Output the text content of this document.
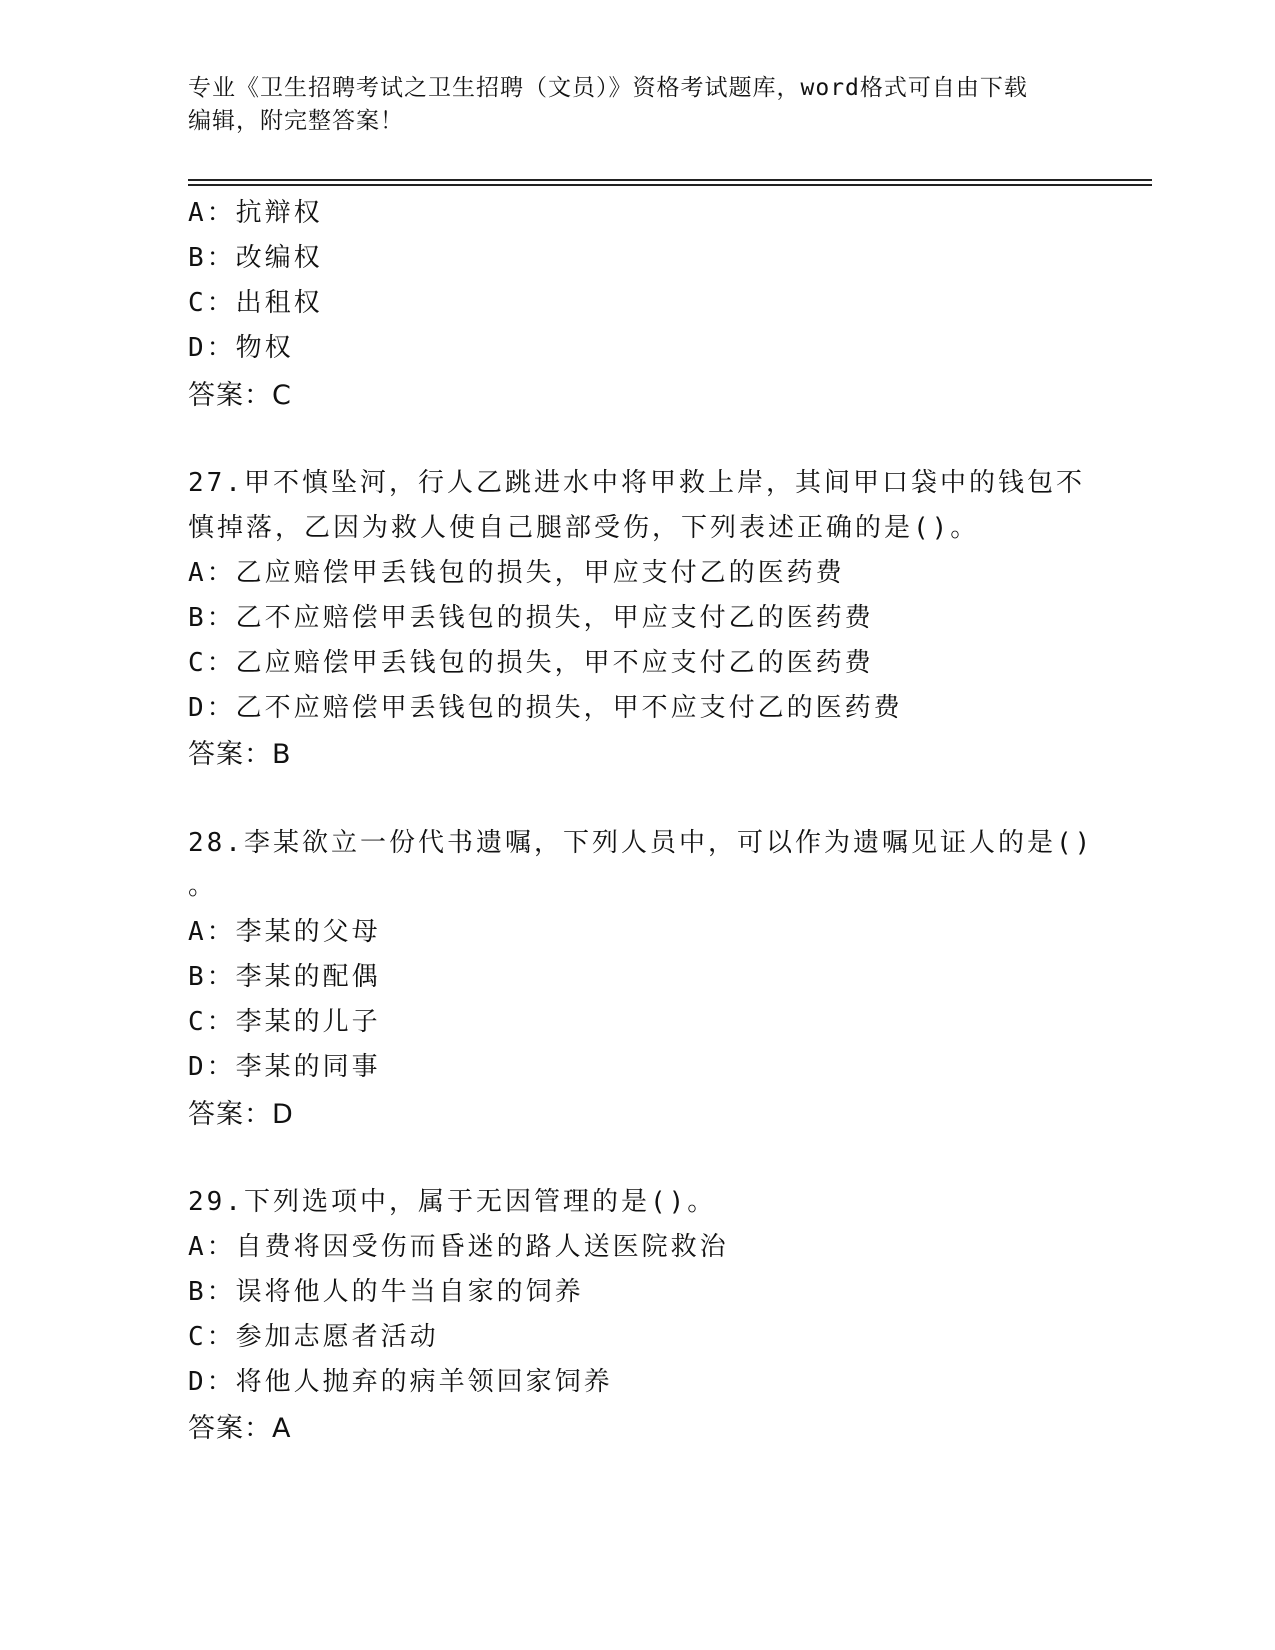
专业《卫生招聘考试之卫生招聘（文员）》资格考试题库，word格式可自由下载
编辑，附完整答案！
A：抗辩权
B：改编权
C：出租权
D：物权
答案：C
27.甲不慎坠河，行人乙跳进水中将甲救上岸，其间甲口袋中的钱包不
慎掉落，乙因为救人使自己腿部受伤，下列表述正确的是()。
A：乙应赔偿甲丢钱包的损失，甲应支付乙的医药费
B：乙不应赔偿甲丢钱包的损失，甲应支付乙的医药费
C：乙应赔偿甲丢钱包的损失，甲不应支付乙的医药费
D：乙不应赔偿甲丢钱包的损失，甲不应支付乙的医药费
答案：B
28.李某欲立一份代书遗嘱，下列人员中，可以作为遗嘱见证人的是()
。
A：李某的父母
B：李某的配偶
C：李某的儿子
D：李某的同事
答案：D
29.下列选项中，属于无因管理的是()。
A：自费将因受伤而昏迷的路人送医院救治
B：误将他人的牛当自家的饲养
C：参加志愿者活动
D：将他人抛弃的病羊领回家饲养
答案：A
